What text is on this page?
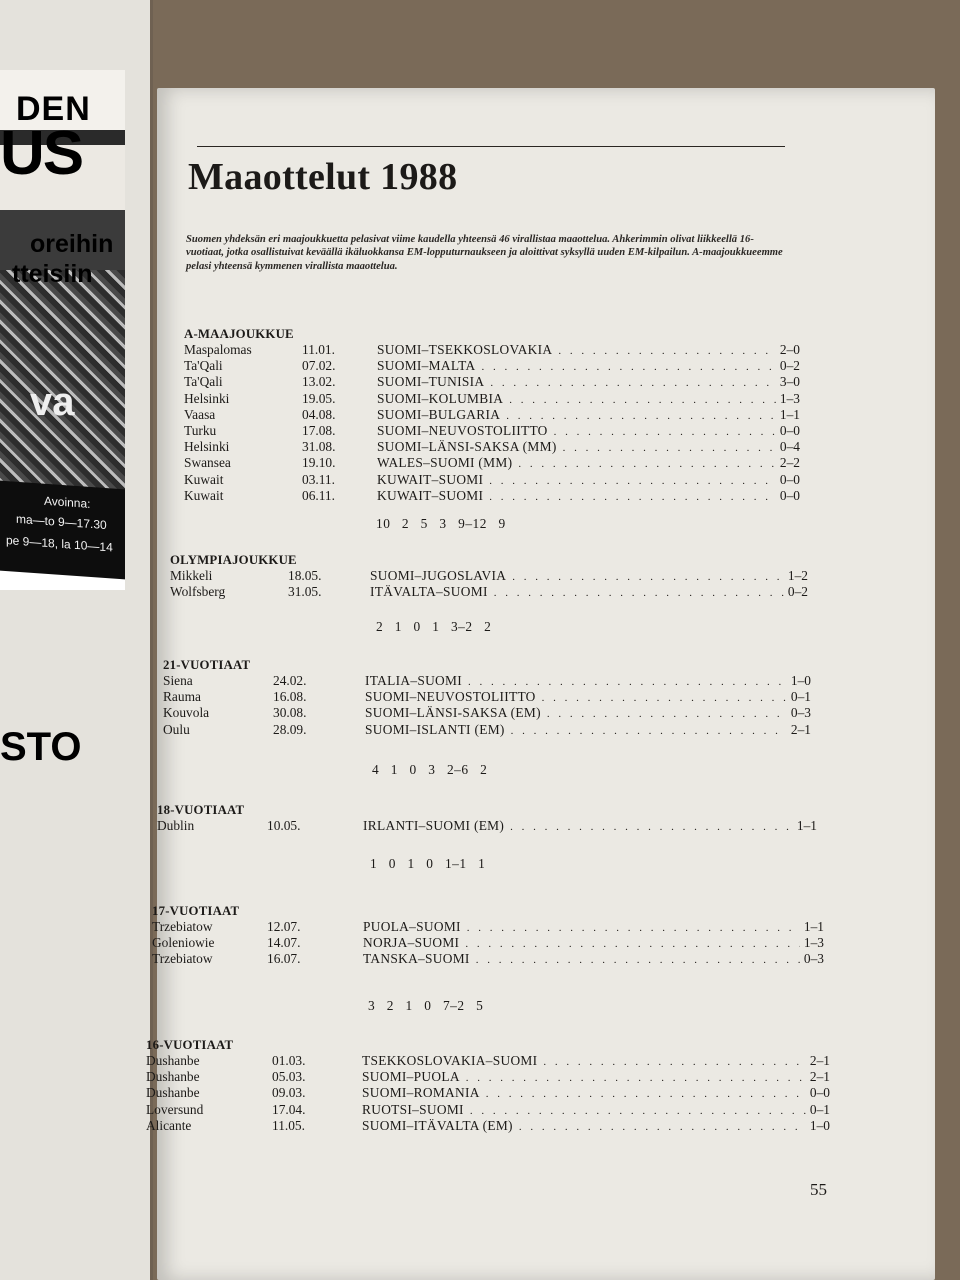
DEN
US
oreihin
tteisiin
va
Avoinna:
ma—to 9—17.30
pe 9—18, la 10—14
STO
Maaottelut 1988
Suomen yhdeksän eri maajoukkuetta pelasivat viime kaudella yhteensä 46 virallistaa maaottelua. Ahkerimmin olivat liikkeellä 16-vuotiaat, jotka osallistuivat keväällä ikäluokkansa EM-lopputurnaukseen ja aloittivat syksyllä uuden EM-kilpailun. A-maajoukkueemme pelasi yhteensä kymmenen virallista maaottelua.
A-MAAJOUKKUE
Maspalomas	11.01.	SUOMI–TSEKKOSLOVAKIA . . .	2–0
Ta'Qali	07.02.	SUOMI–MALTA . . .	0–2
Ta'Qali	13.02.	SUOMI–TUNISIA . . .	3–0
Helsinki	19.05.	SUOMI–KOLUMBIA . . .	1–3
Vaasa	04.08.	SUOMI–BULGARIA . . .	1–1
Turku	17.08.	SUOMI–NEUVOSTOLIITTO . . .	0–0
Helsinki	31.08.	SUOMI–LÄNSI-SAKSA (MM) . . .	0–4
Swansea	19.10.	WALES–SUOMI (MM) . . .	2–2
Kuwait	03.11.	KUWAIT–SUOMI . . .	0–0
Kuwait	06.11.	KUWAIT–SUOMI . . .	0–0
10   2   5   3   9–12   9
OLYMPIAJOUKKUE
Mikkeli	18.05.	SUOMI–JUGOSLAVIA . . .	1–2
Wolfsberg	31.05.	ITÄVALTA–SUOMI . . .	0–2
2   1   0   1   3–2   2
21-VUOTIAAT
Siena	24.02.	ITALIA–SUOMI . . .	1–0
Rauma	16.08.	SUOMI–NEUVOSTOLIITTO . . .	0–1
Kouvola	30.08.	SUOMI–LÄNSI-SAKSA (EM) . . .	0–3
Oulu	28.09.	SUOMI–ISLANTI (EM) . . .	2–1
4   1   0   3   2–6   2
18-VUOTIAAT
Dublin	10.05.	IRLANTI–SUOMI (EM) . . .	1–1
1   0   1   0   1–1   1
17-VUOTIAAT
Trzebiatow	12.07.	PUOLA–SUOMI . . .	1–1
Goleniowie	14.07.	NORJA–SUOMI . . .	1–3
Trzebiatow	16.07.	TANSKA–SUOMI . . .	0–3
3   2   1   0   7–2   5
16-VUOTIAAT
Dushanbe	01.03.	TSEKKOSLOVAKIA–SUOMI . . .	2–1
Dushanbe	05.03.	SUOMI–PUOLA . . .	2–1
Dushanbe	09.03.	SUOMI–ROMANIA . . .	0–0
Loversund	17.04.	RUOTSI–SUOMI . . .	0–1
Alicante	11.05.	SUOMI–ITÄVALTA (EM) . . .	1–0
55
